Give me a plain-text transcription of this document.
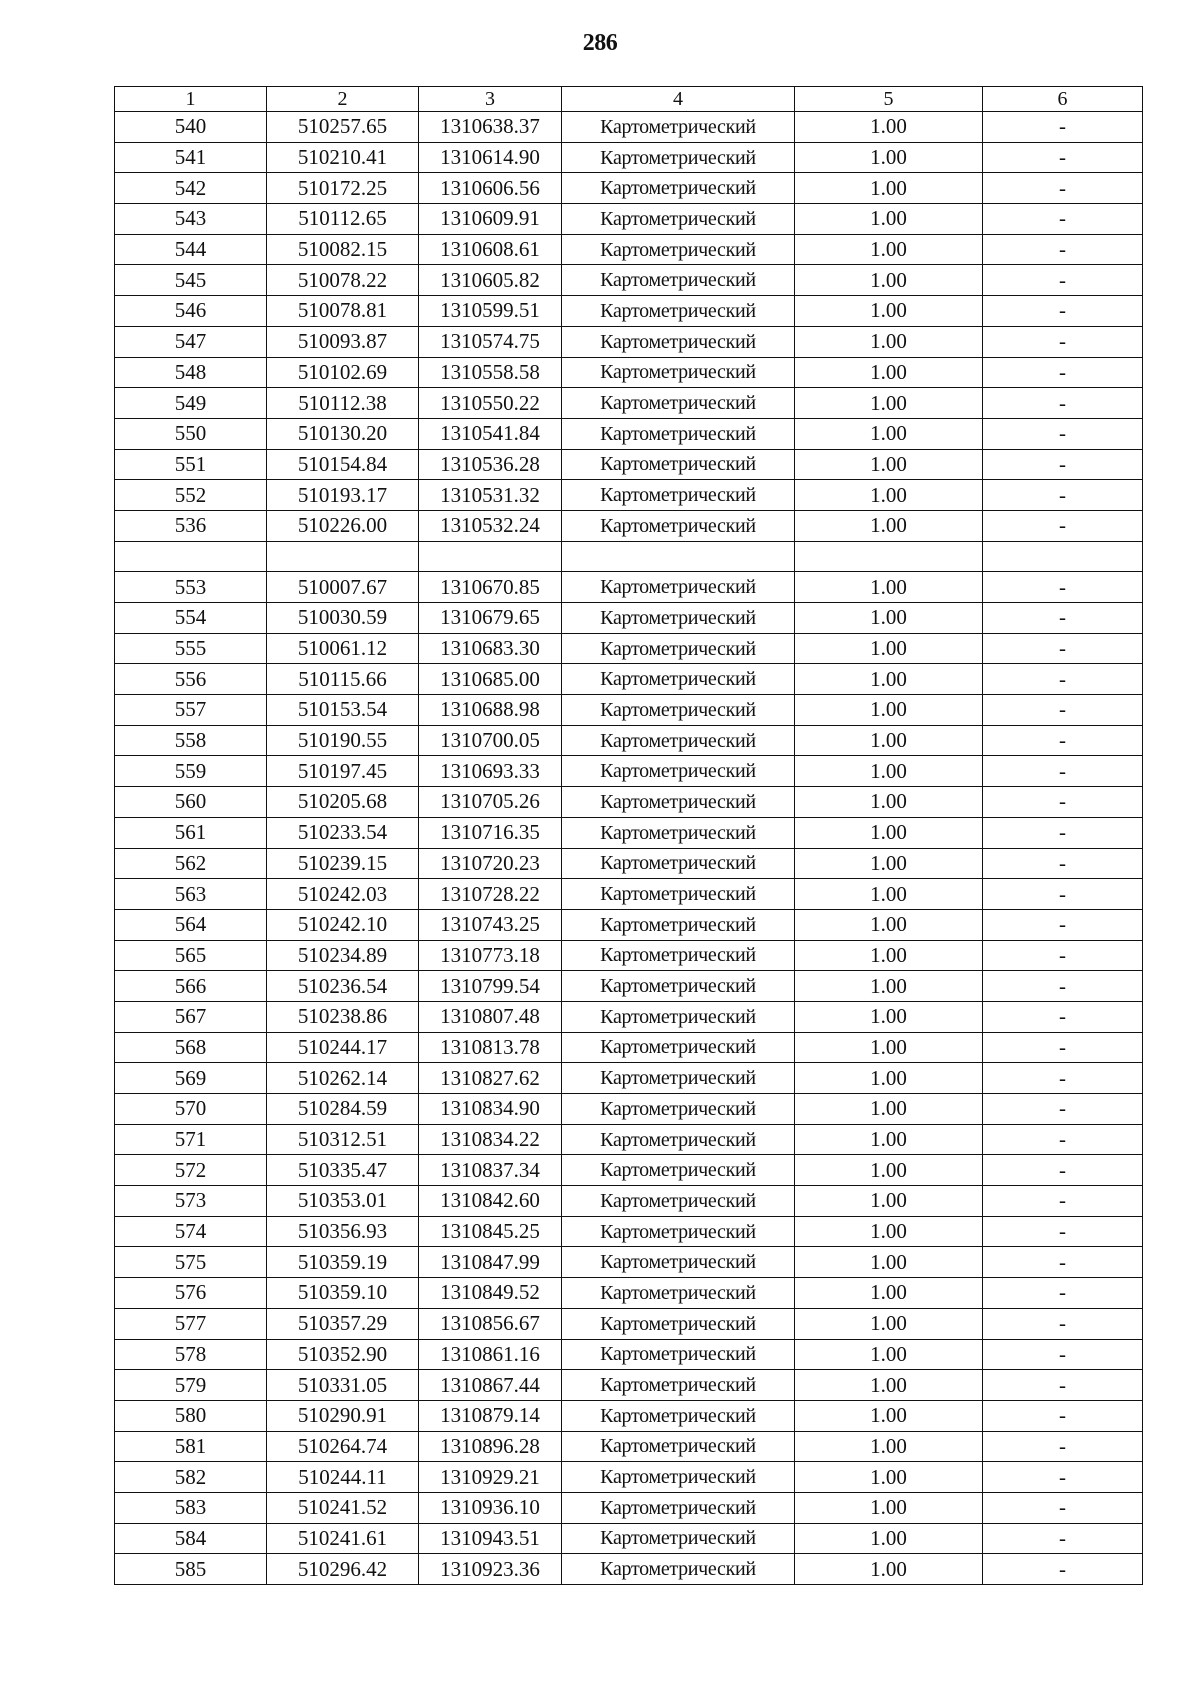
286
1	2	3	4	5	6
540	510257.65	1310638.37	Картометрический	1.00	-
541	510210.41	1310614.90	Картометрический	1.00	-
542	510172.25	1310606.56	Картометрический	1.00	-
543	510112.65	1310609.91	Картометрический	1.00	-
544	510082.15	1310608.61	Картометрический	1.00	-
545	510078.22	1310605.82	Картометрический	1.00	-
546	510078.81	1310599.51	Картометрический	1.00	-
547	510093.87	1310574.75	Картометрический	1.00	-
548	510102.69	1310558.58	Картометрический	1.00	-
549	510112.38	1310550.22	Картометрический	1.00	-
550	510130.20	1310541.84	Картометрический	1.00	-
551	510154.84	1310536.28	Картометрический	1.00	-
552	510193.17	1310531.32	Картометрический	1.00	-
536	510226.00	1310532.24	Картометрический	1.00	-

553	510007.67	1310670.85	Картометрический	1.00	-
554	510030.59	1310679.65	Картометрический	1.00	-
555	510061.12	1310683.30	Картометрический	1.00	-
556	510115.66	1310685.00	Картометрический	1.00	-
557	510153.54	1310688.98	Картометрический	1.00	-
558	510190.55	1310700.05	Картометрический	1.00	-
559	510197.45	1310693.33	Картометрический	1.00	-
560	510205.68	1310705.26	Картометрический	1.00	-
561	510233.54	1310716.35	Картометрический	1.00	-
562	510239.15	1310720.23	Картометрический	1.00	-
563	510242.03	1310728.22	Картометрический	1.00	-
564	510242.10	1310743.25	Картометрический	1.00	-
565	510234.89	1310773.18	Картометрический	1.00	-
566	510236.54	1310799.54	Картометрический	1.00	-
567	510238.86	1310807.48	Картометрический	1.00	-
568	510244.17	1310813.78	Картометрический	1.00	-
569	510262.14	1310827.62	Картометрический	1.00	-
570	510284.59	1310834.90	Картометрический	1.00	-
571	510312.51	1310834.22	Картометрический	1.00	-
572	510335.47	1310837.34	Картометрический	1.00	-
573	510353.01	1310842.60	Картометрический	1.00	-
574	510356.93	1310845.25	Картометрический	1.00	-
575	510359.19	1310847.99	Картометрический	1.00	-
576	510359.10	1310849.52	Картометрический	1.00	-
577	510357.29	1310856.67	Картометрический	1.00	-
578	510352.90	1310861.16	Картометрический	1.00	-
579	510331.05	1310867.44	Картометрический	1.00	-
580	510290.91	1310879.14	Картометрический	1.00	-
581	510264.74	1310896.28	Картометрический	1.00	-
582	510244.11	1310929.21	Картометрический	1.00	-
583	510241.52	1310936.10	Картометрический	1.00	-
584	510241.61	1310943.51	Картометрический	1.00	-
585	510296.42	1310923.36	Картометрический	1.00	-
